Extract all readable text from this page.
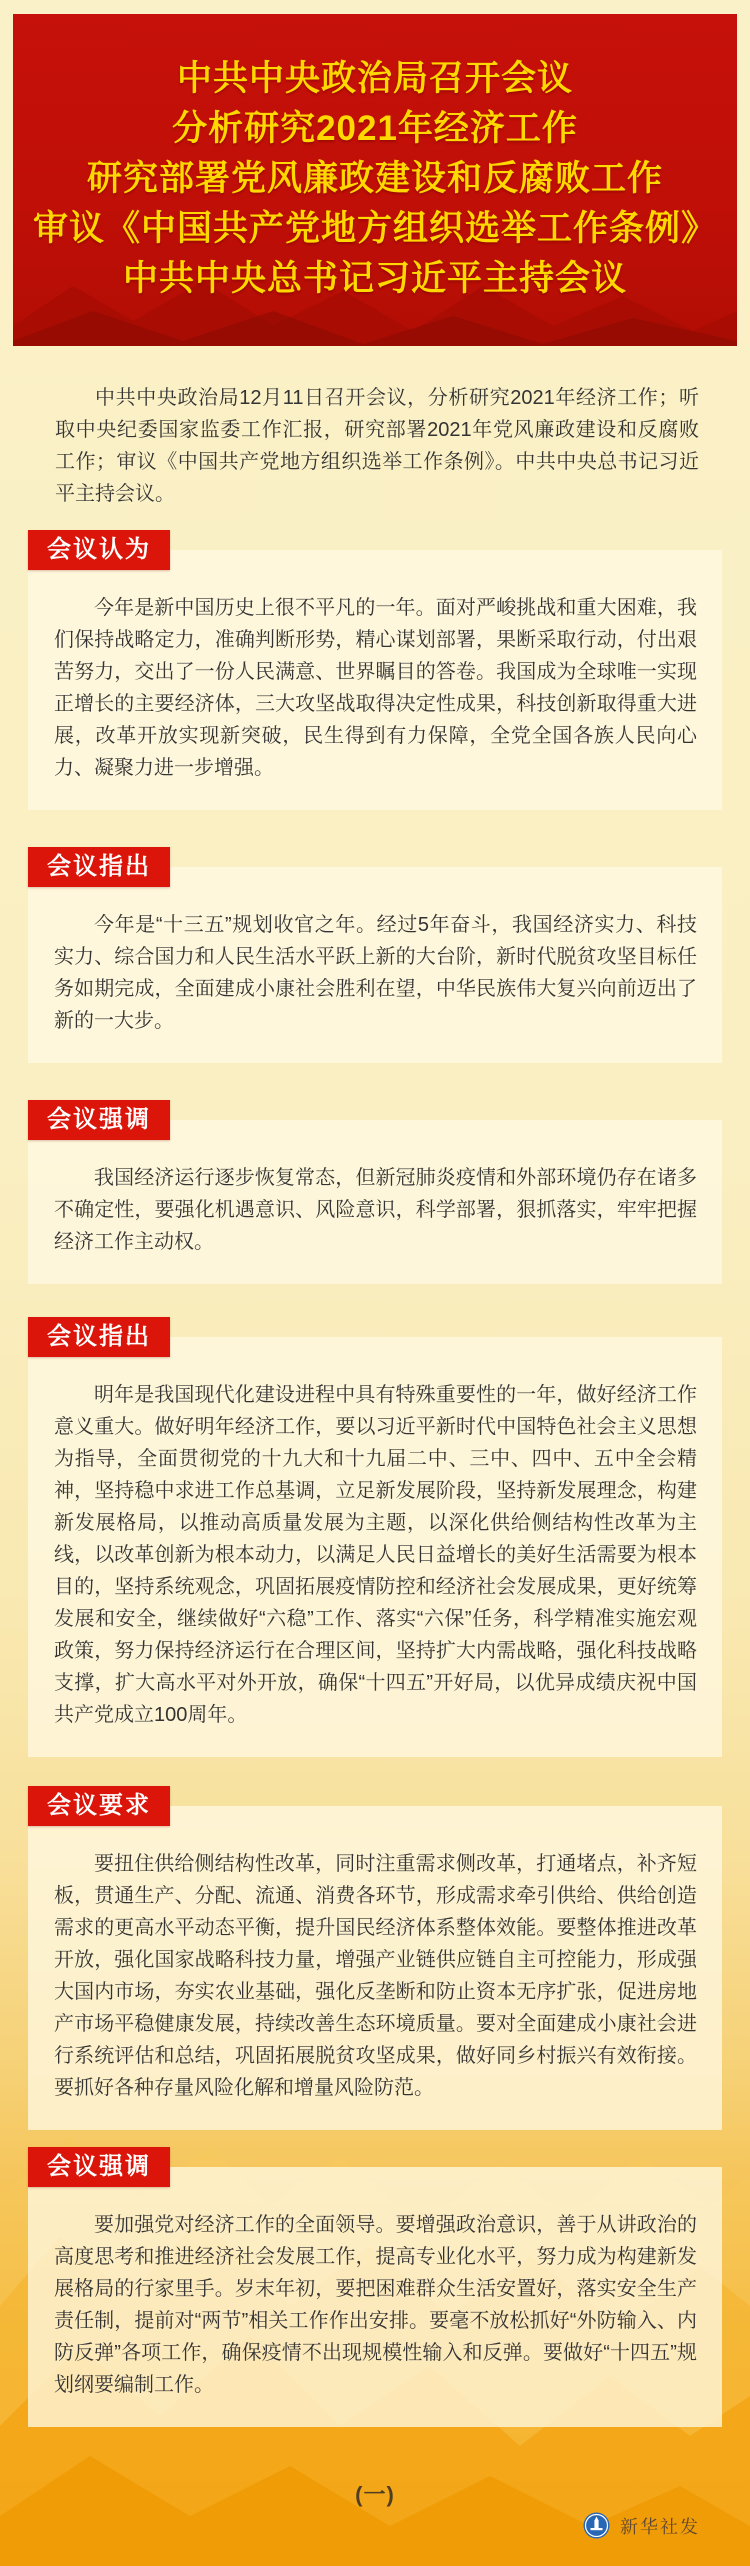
中共中央政治局召开会议
分析研究2021年经济工作
研究部署党风廉政建设和反腐败工作
审议《中国共产党地方组织选举工作条例》
中共中央总书记习近平主持会议

中共中央政治局12月11日召开会议，分析研究2021年经济工作；听取中央纪委国家监委工作汇报，研究部署2021年党风廉政建设和反腐败工作；审议《中国共产党地方组织选举工作条例》。中共中央总书记习近平主持会议。

会议认为

今年是新中国历史上很不平凡的一年。面对严峻挑战和重大困难，我们保持战略定力，准确判断形势，精心谋划部署，果断采取行动，付出艰苦努力，交出了一份人民满意、世界瞩目的答卷。我国成为全球唯一实现正增长的主要经济体，三大攻坚战取得决定性成果，科技创新取得重大进展，改革开放实现新突破，民生得到有力保障，全党全国各族人民向心力、凝聚力进一步增强。

会议指出

今年是“十三五”规划收官之年。经过5年奋斗，我国经济实力、科技实力、综合国力和人民生活水平跃上新的大台阶，新时代脱贫攻坚目标任务如期完成，全面建成小康社会胜利在望，中华民族伟大复兴向前迈出了新的一大步。

会议强调

我国经济运行逐步恢复常态，但新冠肺炎疫情和外部环境仍存在诸多不确定性，要强化机遇意识、风险意识，科学部署，狠抓落实，牢牢把握经济工作主动权。

会议指出

明年是我国现代化建设进程中具有特殊重要性的一年，做好经济工作意义重大。做好明年经济工作，要以习近平新时代中国特色社会主义思想为指导，全面贯彻党的十九大和十九届二中、三中、四中、五中全会精神，坚持稳中求进工作总基调，立足新发展阶段，坚持新发展理念，构建新发展格局，以推动高质量发展为主题，以深化供给侧结构性改革为主线，以改革创新为根本动力，以满足人民日益增长的美好生活需要为根本目的，坚持系统观念，巩固拓展疫情防控和经济社会发展成果，更好统筹发展和安全，继续做好“六稳”工作、落实“六保”任务，科学精准实施宏观政策，努力保持经济运行在合理区间，坚持扩大内需战略，强化科技战略支撑，扩大高水平对外开放，确保“十四五”开好局，以优异成绩庆祝中国共产党成立100周年。

会议要求

要扭住供给侧结构性改革，同时注重需求侧改革，打通堵点，补齐短板，贯通生产、分配、流通、消费各环节，形成需求牵引供给、供给创造需求的更高水平动态平衡，提升国民经济体系整体效能。要整体推进改革开放，强化国家战略科技力量，增强产业链供应链自主可控能力，形成强大国内市场，夯实农业基础，强化反垄断和防止资本无序扩张，促进房地产市场平稳健康发展，持续改善生态环境质量。要对全面建成小康社会进行系统评估和总结，巩固拓展脱贫攻坚成果，做好同乡村振兴有效衔接。要抓好各种存量风险化解和增量风险防范。

会议强调

要加强党对经济工作的全面领导。要增强政治意识，善于从讲政治的高度思考和推进经济社会发展工作，提高专业化水平，努力成为构建新发展格局的行家里手。岁末年初，要把困难群众生活安置好，落实安全生产责任制，提前对“两节”相关工作作出安排。要毫不放松抓好“外防输入、内防反弹”各项工作，确保疫情不出现规模性输入和反弹。要做好“十四五”规划纲要编制工作。

(一)
新华社发
